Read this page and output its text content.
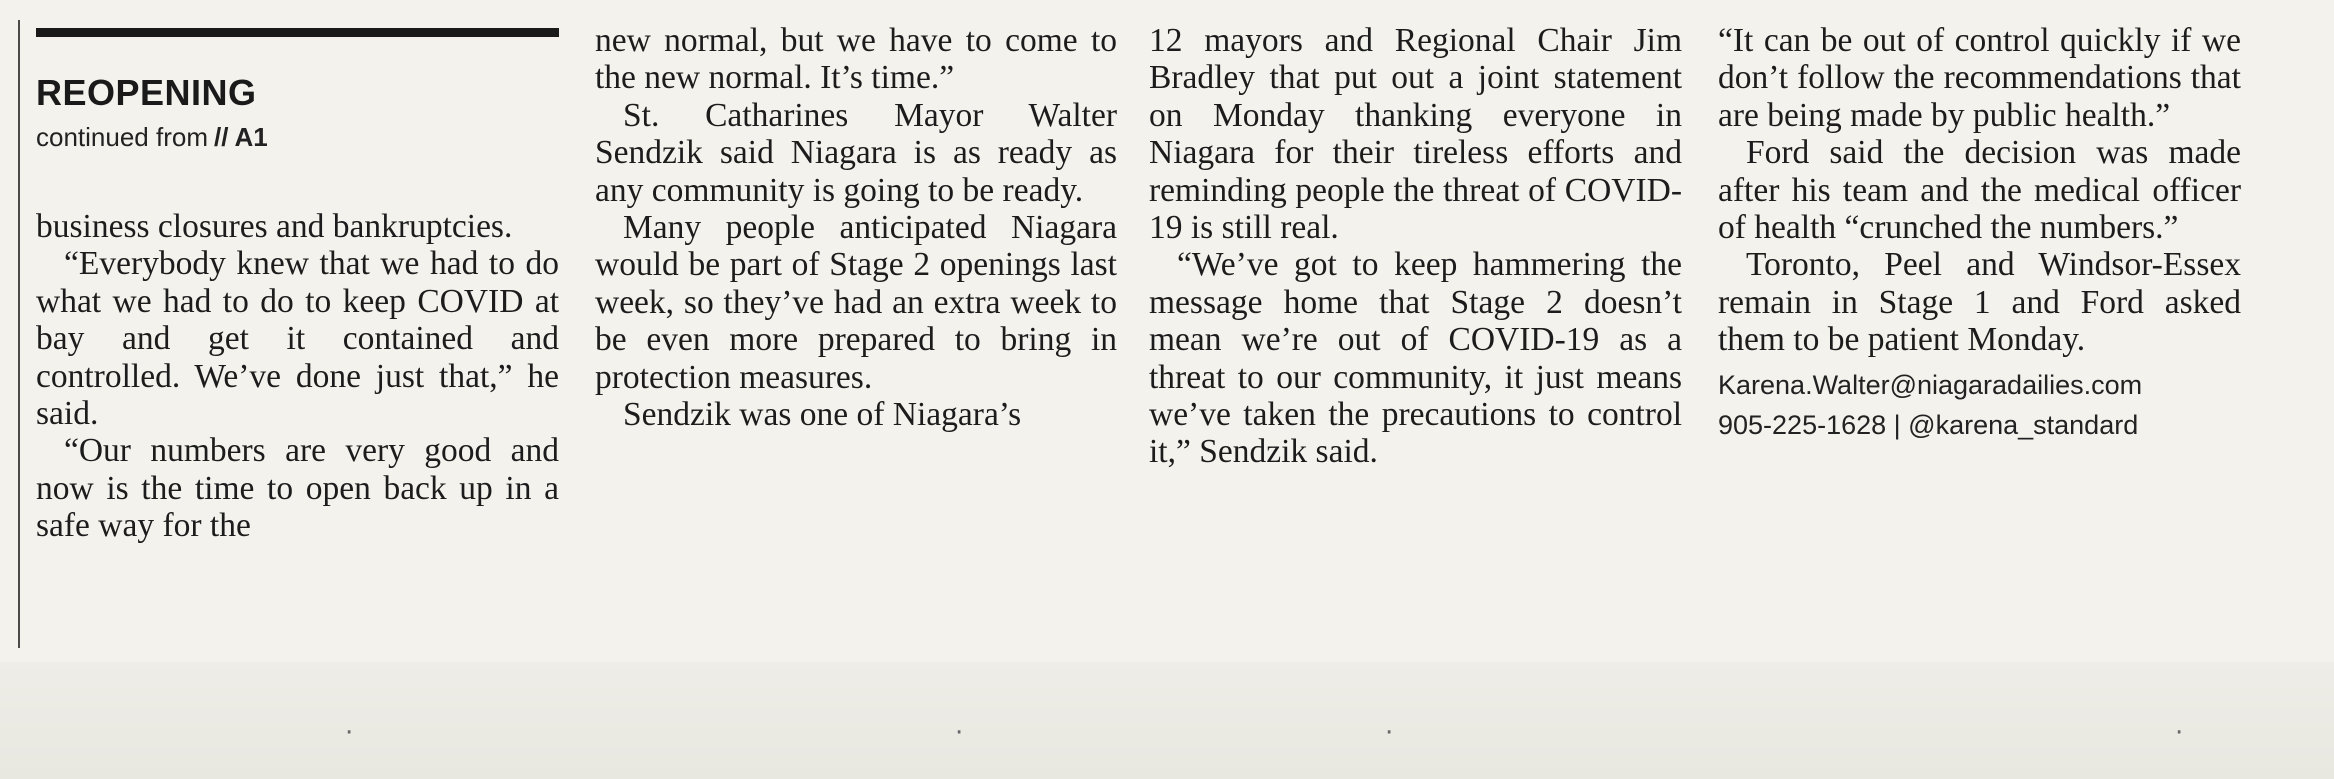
REOPENING
continued from // A1

business closures and bankruptcies.

“Everybody knew that we had to do what we had to do to keep COVID at bay and get it contained and controlled. We’ve done just that,” he said.

“Our numbers are very good and now is the time to open back up in a safe way for the

new normal, but we have to come to the new normal. It’s time.”

St. Catharines Mayor Walter Sendzik said Niagara is as ready as any community is going to be ready.

Many people anticipated Niagara would be part of Stage 2 openings last week, so they’ve had an extra week to be even more prepared to bring in protection measures.

Sendzik was one of Niagara’s

12 mayors and Regional Chair Jim Bradley that put out a joint statement on Monday thanking everyone in Niagara for their tireless efforts and reminding people the threat of COVID-19 is still real.

“We’ve got to keep hammering the message home that Stage 2 doesn’t mean we’re out of COVID-19 as a threat to our community, it just means we’ve taken the precautions to control it,” Sendzik said.

“It can be out of control quickly if we don’t follow the recommendations that are being made by public health.”

Ford said the decision was made after his team and the medical officer of health “crunched the numbers.”

Toronto, Peel and Windsor-Essex remain in Stage 1 and Ford asked them to be patient Monday.

Karena.Walter@niagaradailies.com
905-225-1628 | @karena_standard
·	·	·	·
